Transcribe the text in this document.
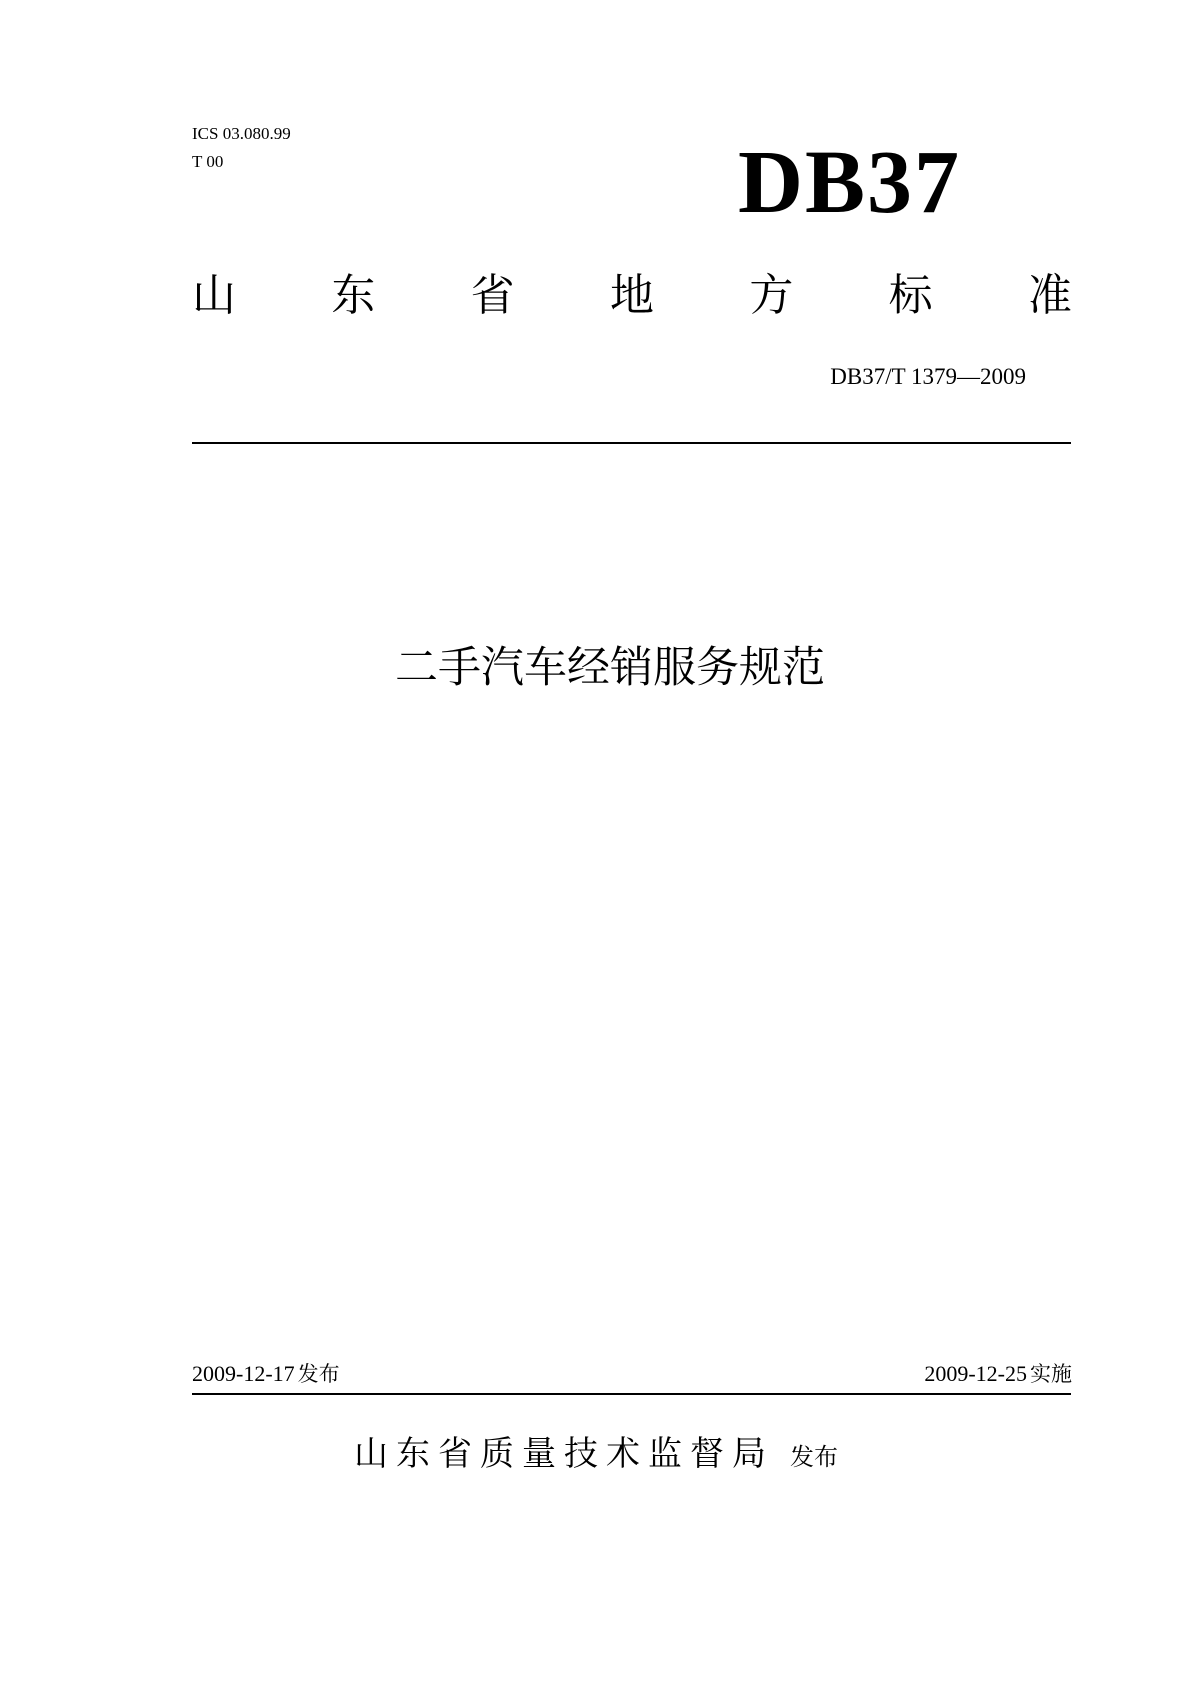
ICS 03.080.99
T 00	DB37
山 东 省 地 方 标 准
DB37/T 1379—2009
二手汽车经销服务规范
2009-12-17 发布	2009-12-25 实施
山东省质量技术监督局 发布
